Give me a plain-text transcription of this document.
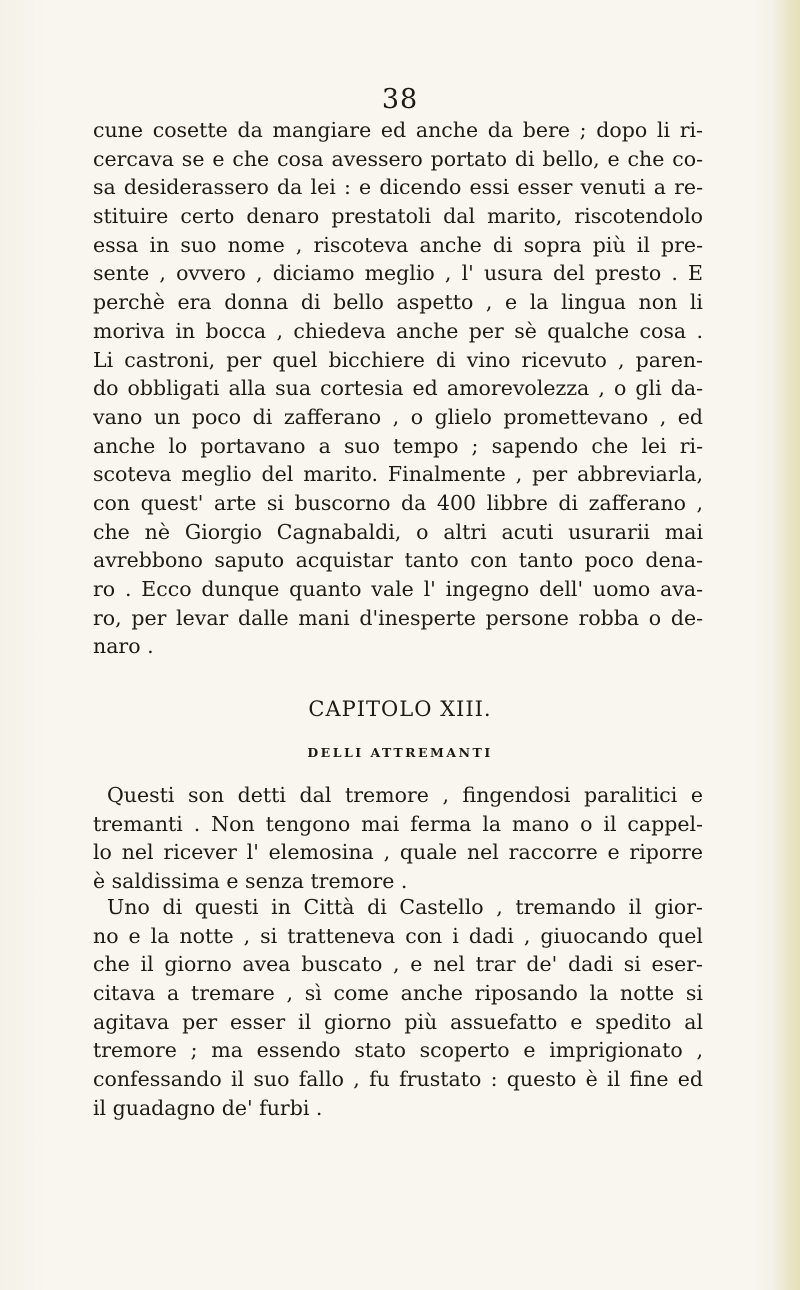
38
cune cosette da mangiare ed anche da bere ; dopo li ri-
cercava se e che cosa avessero portato di bello, e che co-
sa desiderassero da lei : e dicendo essi esser venuti a re-
stituire certo denaro prestatoli dal marito, riscotendolo
essa in suo nome , riscoteva anche di sopra più il pre-
sente , ovvero , diciamo meglio , l' usura del presto . E
perchè era donna di bello aspetto , e la lingua non li
moriva in bocca , chiedeva anche per sè qualche cosa .
Li castroni, per quel bicchiere di vino ricevuto , paren-
do obbligati alla sua cortesia ed amorevolezza , o gli da-
vano un poco di zafferano , o glielo promettevano , ed
anche lo portavano a suo tempo ; sapendo che lei ri-
scoteva meglio del marito. Finalmente , per abbreviarla,
con quest' arte si buscorno da 400 libbre di zafferano ,
che nè Giorgio Cagnabaldi, o altri acuti usurarii mai
avrebbono saputo acquistar tanto con tanto poco dena-
ro . Ecco dunque quanto vale l' ingegno dell' uomo ava-
ro, per levar dalle mani d'inesperte persone robba o de-
naro .
CAPITOLO XIII.
DELLI ATTREMANTI
Questi son detti dal tremore , fingendosi paralitici e
tremanti . Non tengono mai ferma la mano o il cappel-
lo nel ricever l' elemosina , quale nel raccorre e riporre
è saldissima e senza tremore .
Uno di questi in Città di Castello , tremando il gior-
no e la notte , si tratteneva con i dadi , giuocando quel
che il giorno avea buscato , e nel trar de' dadi si eser-
citava a tremare , sì come anche riposando la notte si
agitava per esser il giorno più assuefatto e spedito al
tremore ; ma essendo stato scoperto e imprigionato ,
confessando il suo fallo , fu frustato : questo è il fine ed
il guadagno de' furbi .
